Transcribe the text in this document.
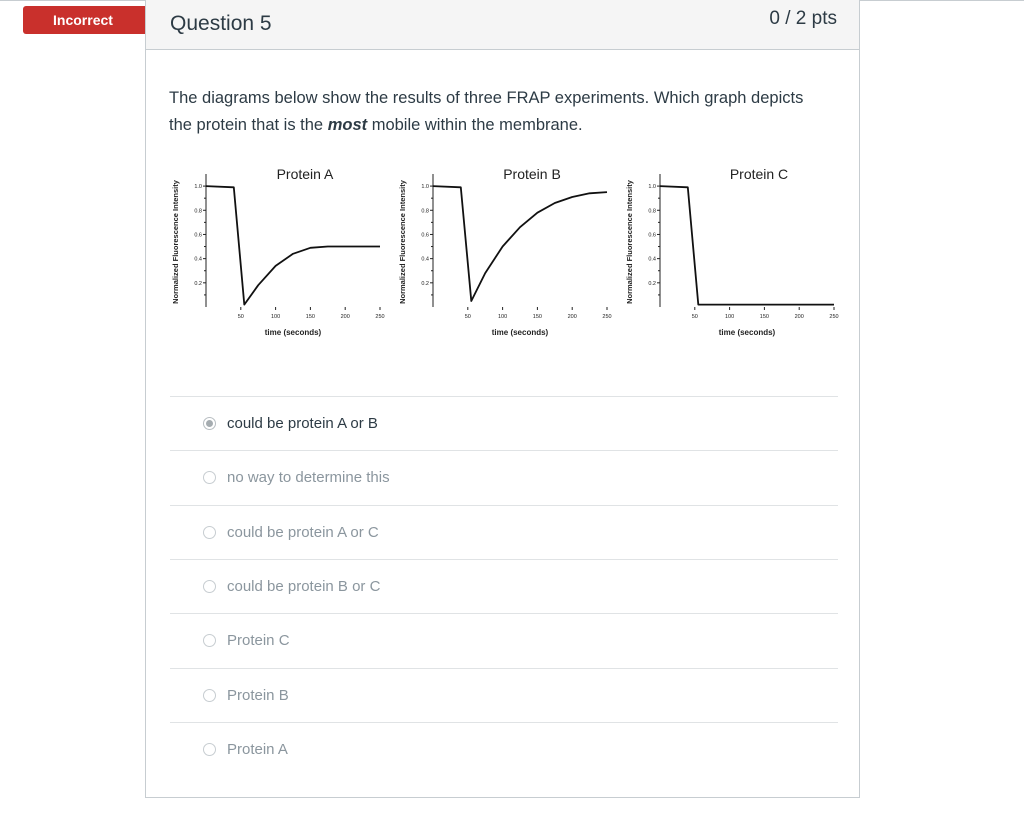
Incorrect	Question 5	0 / 2 pts
The diagrams below show the results of three FRAP experiments. Which graph depicts the protein that is the most mobile within the membrane.
Normalized Fluorescence Intensity	1.0
0.8
0.6
0.4
0.2
50	100	150	200	250
time (seconds)
Protein A
Normalized Fluorescence Intensity	1.0
0.8
0.6
0.4
0.2
50	100	150	200	250
time (seconds)
Protein B
Normalized Fluorescence Intensity	1.0
0.8
0.6
0.4
0.2
50	100	150	200	250
time (seconds)
Protein C
could be protein A or B
no way to determine this
could be protein A or C
could be protein B or C
Protein C
Protein B
Protein A
